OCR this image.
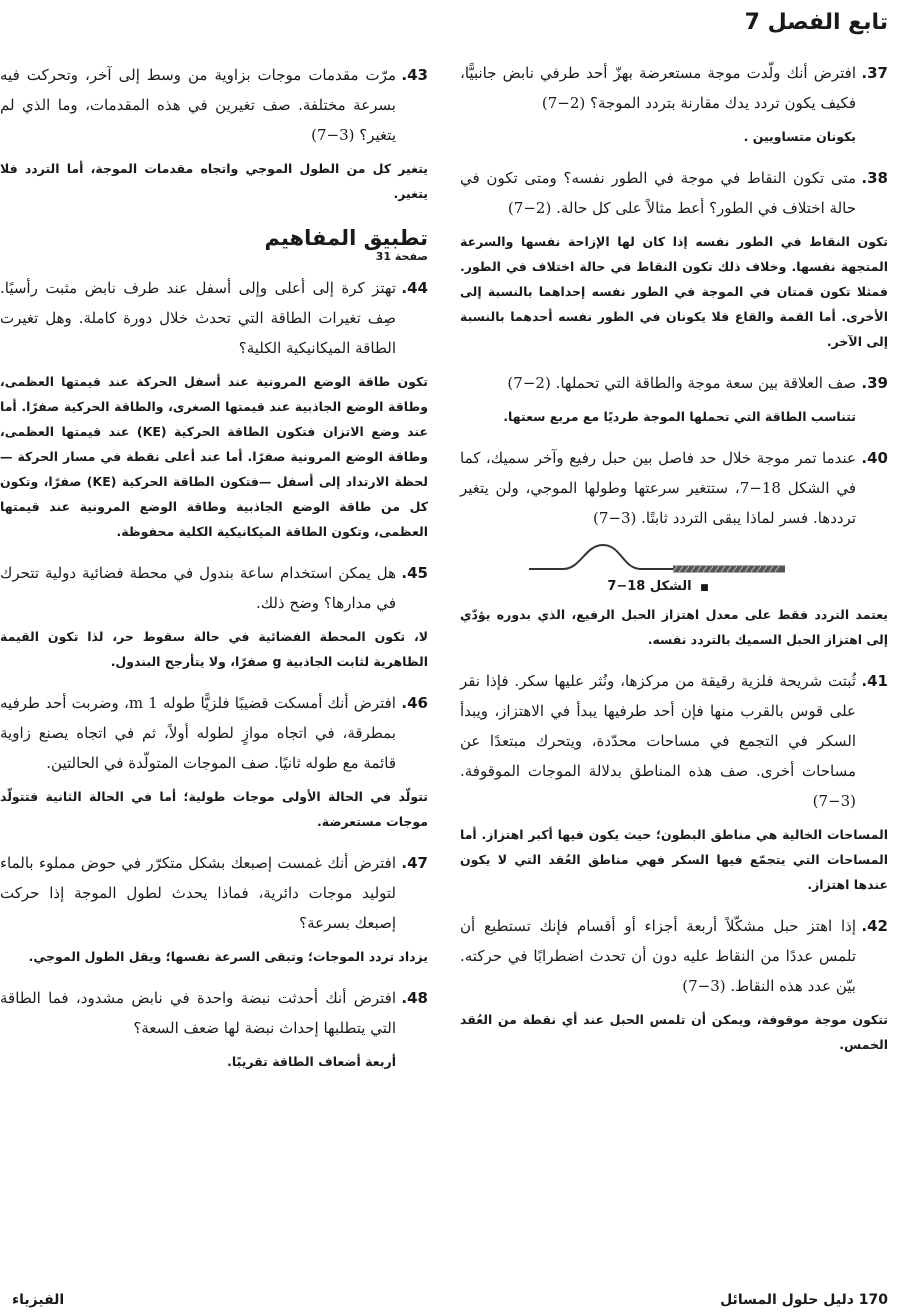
تابع الفصل 7
37.

افترض أنك ولّدت موجة مستعرضة بهزّ أحد طرفي نابض جانبيًّا، فكيف يكون تردد يدك مقارنة بتردد الموجة؟ (2−7)

يكونان متساويين .

38.

متى تكون النقاط في موجة في الطور نفسه؟ ومتى تكون في حالة اختلاف في الطور؟ أعط مثالاً على كل حالة. (2−7)

تكون النقاط في الطور نفسه إذا كان لها الإزاحة نفسها والسرعة المتجهة نفسها. وخلاف ذلك تكون النقاط في حالة اختلاف في الطور. فمثلا تكون قمتان في الموجة في الطور نفسه إحداهما بالنسبة إلى الأخرى. أما القمة والقاع فلا يكونان في الطور نفسه أحدهما بالنسبة إلى الآخر.

39.

صف العلاقة بين سعة موجة والطاقة التي تحملها. (2−7)

تتناسب الطاقة التي تحملها الموجة طرديًا مع مربع سعتها.

40.

عندما تمر موجة خلال حد فاصل بين حبل رفيع وآخر سميك، كما في الشكل 18−7، ستتغير سرعتها وطولها الموجي، ولن يتغير ترددها. فسر لماذا يبقى التردد ثابتًا. (3−7)

■ الشكل 18−7

يعتمد التردد فقط على معدل اهتزاز الحبل الرفيع، الذي بدوره يؤدّي إلى اهتزاز الحبل السميك بالتردد نفسه.

41.

ثُبتت شريحة فلزية رقيقة من مركزها، ونُثر عليها سكر. فإذا نقر على قوس بالقرب منها فإن أحد طرفيها يبدأ في الاهتزاز، ويبدأ السكر في التجمع في مساحات محدّدة، ويتحرك مبتعدًا عن مساحات أخرى. صف هذه المناطق بدلالة الموجات الموقوفة. (3−7)

المساحات الخالية هي مناطق البطون؛ حيث يكون فيها أكبر اهتزاز. أما المساحات التي يتجمّع فيها السكر فهي مناطق العُقد التي لا يكون عندها اهتزاز.

42.

إذا اهتز حبل مشكّلاً أربعة أجزاء أو أقسام فإنك تستطيع أن تلمس عددًا من النقاط عليه دون أن تحدث اضطرابًا في حركته. بيّن عدد هذه النقاط. (3−7)

تتكون موجة موقوفة، ويمكن أن تلمس الحبل عند أي نقطة من العُقد الخمس.

43.

مرّت مقدمات موجات بزاوية من وسط إلى آخر، وتحركت فيه بسرعة مختلفة. صف تغيرين في هذه المقدمات، وما الذي لم يتغير؟ (3−7)

يتغير كل من الطول الموجي واتجاه مقدمات الموجة، أما التردد فلا يتغير.

تطبيق المفاهيم
صفحة 31
44.

تهتز كرة إلى أعلى وإلى أسفل عند طرف نابض مثبت رأسيًا. صِف تغيرات الطاقة التي تحدث خلال دورة كاملة. وهل تغيرت الطاقة الميكانيكية الكلية؟

تكون طاقة الوضع المرونية عند أسفل الحركة عند قيمتها العظمى، وطاقة الوضع الجاذبية عند قيمتها الصغرى، والطاقة الحركية صفرًا. أما عند وضع الاتزان فتكون الطاقة الحركية (KE) عند قيمتها العظمى، وطاقة الوضع المرونية صفرًا. أما عند أعلى نقطة في مسار الحركة — لحظة الارتداد إلى أسفل —فتكون الطاقة الحركية (KE) صفرًا، وتكون كل من طاقة الوضع الجاذبية وطاقة الوضع المرونية عند قيمتها العظمى، وتكون الطاقة الميكانيكية الكلية محفوظة.

45.

هل يمكن استخدام ساعة بندول في محطة فضائية دولية تتحرك في مدارها؟ وضح ذلك.

لا، تكون المحطة الفضائية في حالة سقوط حر، لذا تكون القيمة الظاهرية لثابت الجاذبية g صفرًا، ولا يتأرجح البندول.

46.

افترض أنك أمسكت قضيبًا فلزيًّا طوله 1 m، وضربت أحد طرفيه بمطرقة، في اتجاه موازٍ لطوله أولاً، ثم في اتجاه يصنع زاوية قائمة مع طوله ثانيًا. صف الموجات المتولّدة في الحالتين.

تتولّد في الحالة الأولى موجات طولية؛ أما في الحالة الثانية فتتولّد موجات مستعرضة.

47.

افترض أنك غمست إصبعك بشكل متكرّر في حوض مملوء بالماء لتوليد موجات دائرية، فماذا يحدث لطول الموجة إذا حركت إصبعك بسرعة؟

يزداد تردد الموجات؛ وتبقى السرعة نفسها؛ ويقل الطول الموجي.

48.

افترض أنك أحدثت نبضة واحدة في نابض مشدود، فما الطاقة التي يتطلبها إحداث نبضة لها ضعف السعة؟

أربعة أضعاف الطاقة تقريبًا.

170 دليل حلول المسائل
الفيزياء
